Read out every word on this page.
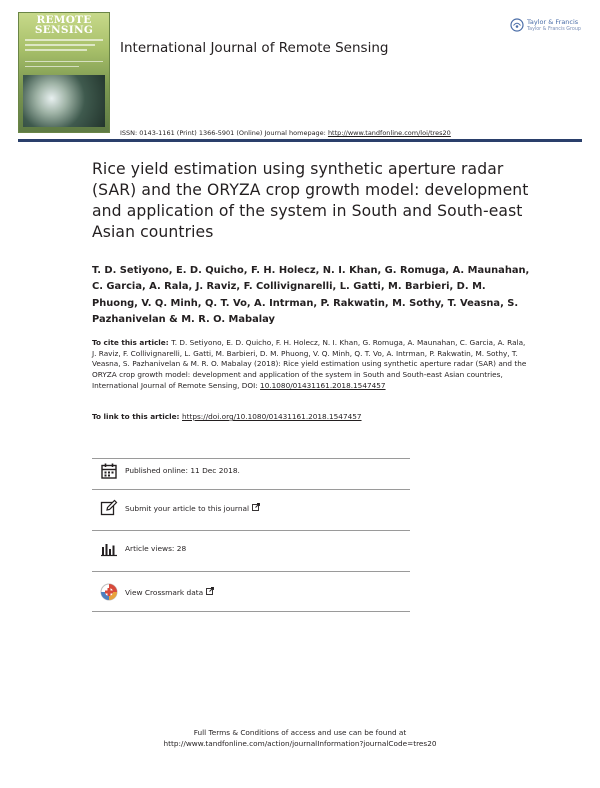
REMOTE
SENSING
International Journal of Remote Sensing
Taylor & Francis
Taylor & Francis Group
ISSN: 0143-1161 (Print) 1366-5901 (Online) Journal homepage: http://www.tandfonline.com/loi/tres20
Rice yield estimation using synthetic aperture radar (SAR) and the ORYZA crop growth model: development and application of the system in South and South-east Asian countries
T. D. Setiyono, E. D. Quicho, F. H. Holecz, N. I. Khan, G. Romuga, A. Maunahan, C. Garcia, A. Rala, J. Raviz, F. Collivignarelli, L. Gatti, M. Barbieri, D. M. Phuong, V. Q. Minh, Q. T. Vo, A. Intrman, P. Rakwatin, M. Sothy, T. Veasna, S. Pazhanivelan & M. R. O. Mabalay
To cite this article: T. D. Setiyono, E. D. Quicho, F. H. Holecz, N. I. Khan, G. Romuga, A. Maunahan, C. Garcia, A. Rala, J. Raviz, F. Collivignarelli, L. Gatti, M. Barbieri, D. M. Phuong, V. Q. Minh, Q. T. Vo, A. Intrman, P. Rakwatin, M. Sothy, T. Veasna, S. Pazhanivelan & M. R. O. Mabalay (2018): Rice yield estimation using synthetic aperture radar (SAR) and the ORYZA crop growth model: development and application of the system in South and South-east Asian countries, International Journal of Remote Sensing, DOI: 10.1080/01431161.2018.1547457
To link to this article: https://doi.org/10.1080/01431161.2018.1547457
Published online: 11 Dec 2018.
Submit your article to this journal
Article views: 28
View Crossmark data
Full Terms & Conditions of access and use can be found at
http://www.tandfonline.com/action/journalInformation?journalCode=tres20
